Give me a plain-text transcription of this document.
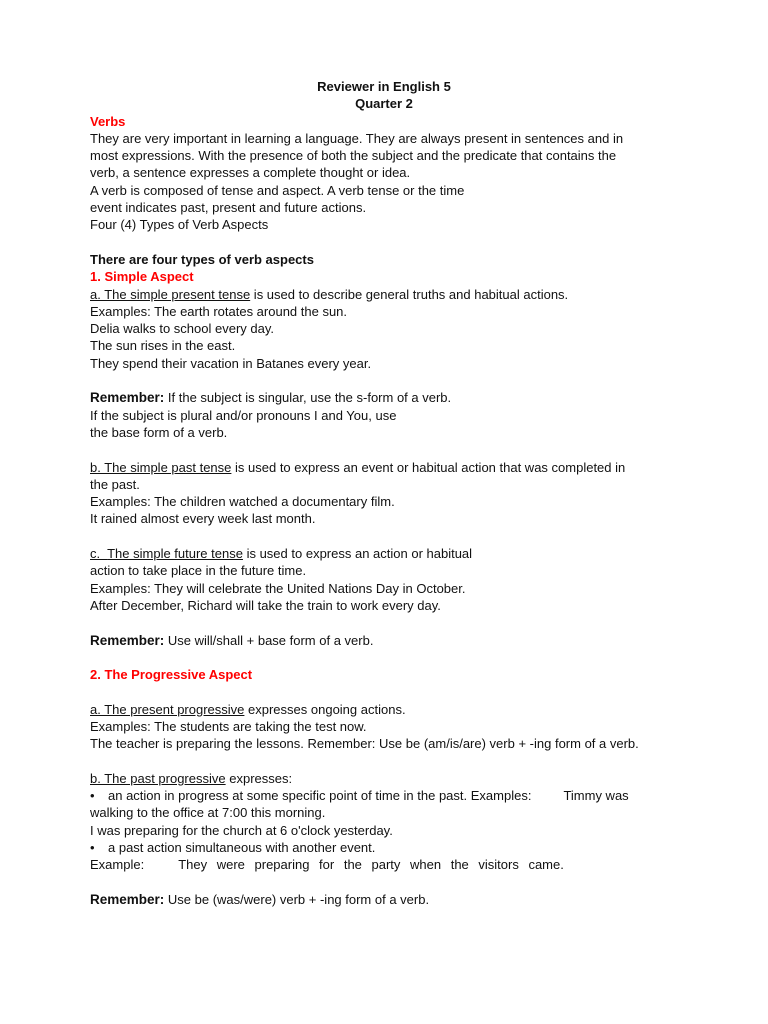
Reviewer in English 5
Quarter 2

Verbs

They are very important in learning a language. They are always present in sentences and in

most expressions. With the presence of both the subject and the predicate that contains the

verb, a sentence expresses a complete thought or idea.

A verb is composed of tense and aspect. A verb tense or the time

event indicates past, present and future actions.

Four (4) Types of Verb Aspects

There are four types of verb aspects

1. Simple Aspect

a. The simple present tense is used to describe general truths and habitual actions.

Examples: The earth rotates around the sun.

Delia walks to school every day.

The sun rises in the east.

They spend their vacation in Batanes every year.

Remember: If the subject is singular, use the s-form of a verb.

If the subject is plural and/or pronouns I and You, use

the base form of a verb.

b. The simple past tense is used to express an event or habitual action that was completed in

the past.

Examples: The children watched a documentary film.

It rained almost every week last month.

c.  The simple future tense is used to express an action or habitual

action to take place in the future time.

Examples: They will celebrate the United Nations Day in October.

After December, Richard will take the train to work every day.

Remember: Use will/shall + base form of a verb.

2. The Progressive Aspect

a. The present progressive expresses ongoing actions.

Examples: The students are taking the test now.

The teacher is preparing the lessons. Remember: Use be (am/is/are) verb + -ing form of a verb.

b. The past progressive expresses:

• an action in progress at some specific point of time in the past. Examples: Timmy was

walking to the office at 7:00 this morning.

I was preparing for the church at 6 o'clock yesterday.

• a past action simultaneous with another event.

Example:	They were preparing for the party when the visitors came.

Remember: Use be (was/were) verb + -ing form of a verb.
